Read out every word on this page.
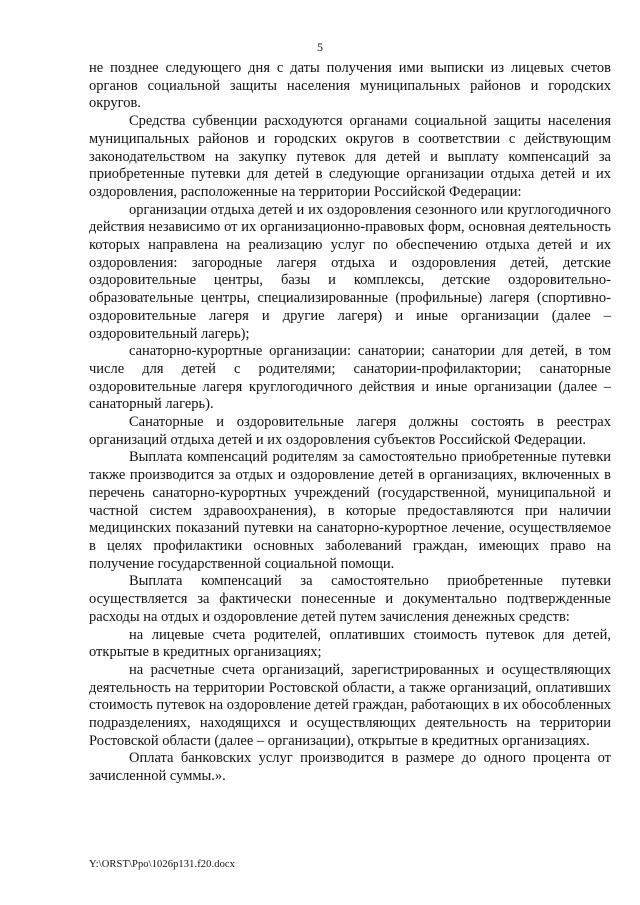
5

не позднее следующего дня с даты получения ими выписки из лицевых счетов органов социальной защиты населения муниципальных районов и городских округов.

Средства субвенции расходуются органами социальной защиты населения муниципальных районов и городских округов в соответствии с действующим законодательством на закупку путевок для детей и выплату компенсаций за приобретенные путевки для детей в следующие организации отдыха детей и их оздоровления, расположенные на территории Российской Федерации:

организации отдыха детей и их оздоровления сезонного или круглогодичного действия независимо от их организационно-правовых форм, основная деятельность которых направлена на реализацию услуг по обеспечению отдыха детей и их оздоровления: загородные лагеря отдыха и оздоровления детей, детские оздоровительные центры, базы и комплексы, детские оздоровительно-образовательные центры, специализированные (профильные) лагеря (спортивно-оздоровительные лагеря и другие лагеря) и иные организации (далее – оздоровительный лагерь);

санаторно-курортные организации: санатории; санатории для детей, в том числе для детей с родителями; санатории-профилактории; санаторные оздоровительные лагеря круглогодичного действия и иные организации (далее – санаторный лагерь).

Санаторные и оздоровительные лагеря должны состоять в реестрах организаций отдыха детей и их оздоровления субъектов Российской Федерации.

Выплата компенсаций родителям за самостоятельно приобретенные путевки также производится за отдых и оздоровление детей в организациях, включенных в перечень санаторно-курортных учреждений (государственной, муниципальной и частной систем здравоохранения), в которые предоставляются при наличии медицинских показаний путевки на санаторно-курортное лечение, осуществляемое в целях профилактики основных заболеваний граждан, имеющих право на получение государственной социальной помощи.

Выплата компенсаций за самостоятельно приобретенные путевки осуществляется за фактически понесенные и документально подтвержденные расходы на отдых и оздоровление детей путем зачисления денежных средств:

на лицевые счета родителей, оплативших стоимость путевок для детей, открытые в кредитных организациях;

на расчетные счета организаций, зарегистрированных и осуществляющих деятельность на территории Ростовской области, а также организаций, оплативших стоимость путевок на оздоровление детей граждан, работающих в их обособленных подразделениях, находящихся и осуществляющих деятельность на территории Ростовской области (далее – организации), открытые в кредитных организациях.

Оплата банковских услуг производится в размере до одного процента от зачисленной суммы.».

Y:\ORST\Ppo\1026p131.f20.docx
